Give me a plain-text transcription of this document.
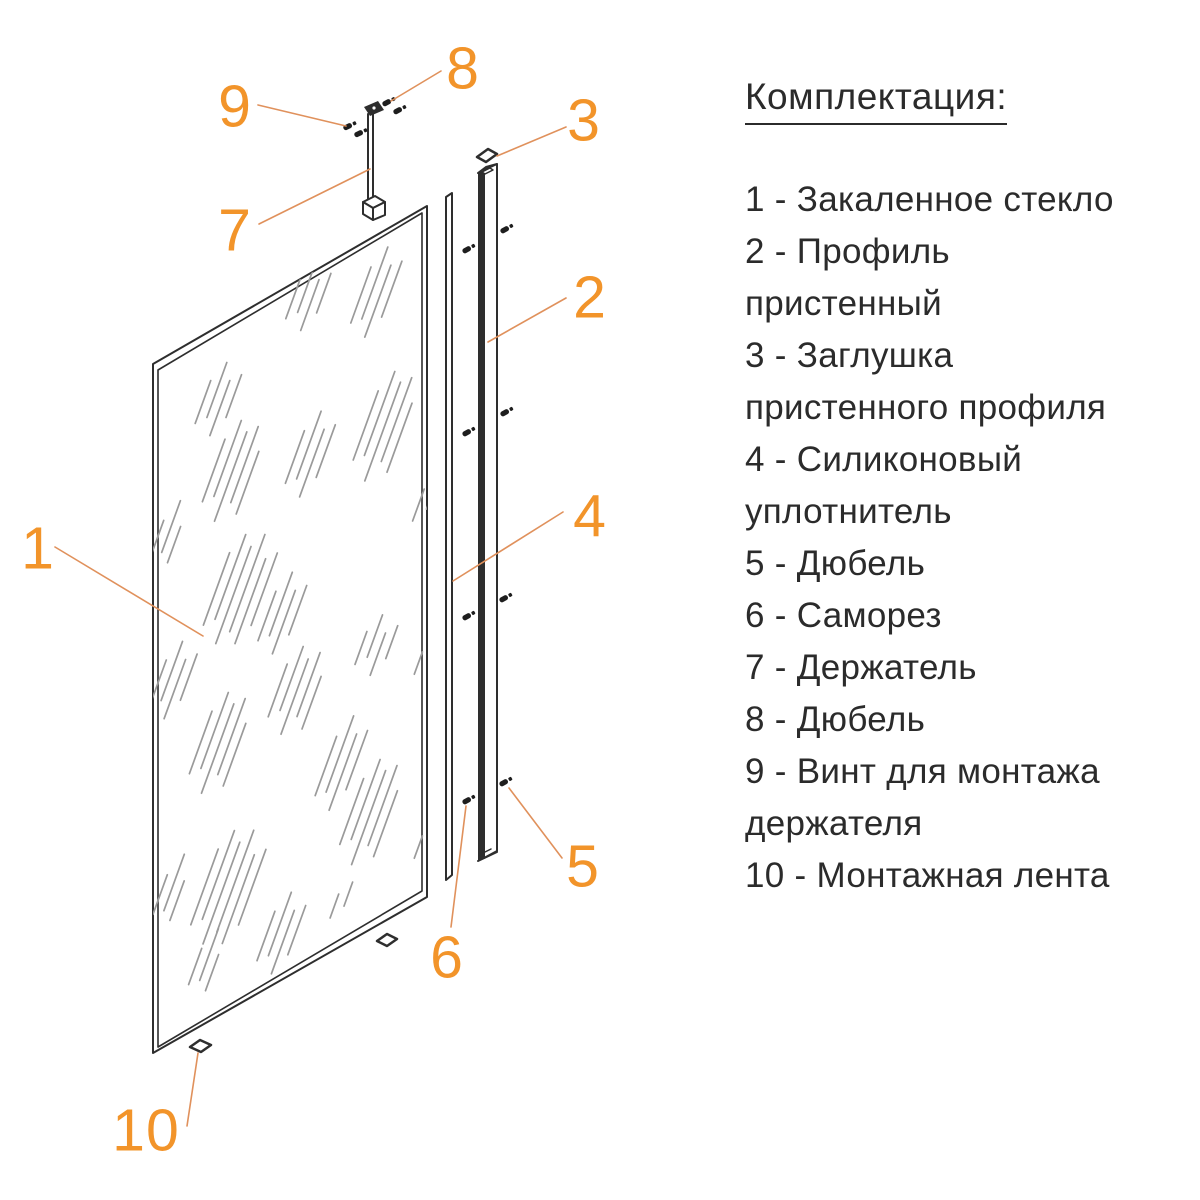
1
2
3
4
5
6
7
8
9
10
Комплектация:
1 - Закаленное стекло
2 - Профиль
пристенный
3 - Заглушка
пристенного профиля
4 - Силиконовый
уплотнитель
5 - Дюбель
6 - Саморез
7 - Держатель
8 - Дюбель
9 - Винт для монтажа
держателя
10 - Монтажная лента
